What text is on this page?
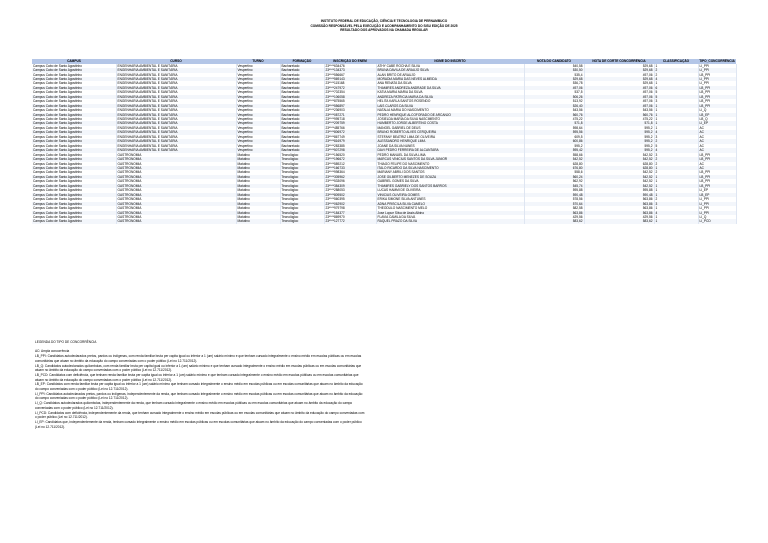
INSTITUTO FEDERAL DE EDUCAÇÃO, CIÊNCIA E TECNOLOGIA DE PERNAMBUCO
COMISSÃO RESPONSÁVEL PELA EXECUÇÃO E ACOMPANHAMENTO DO SISU EDIÇÃO DE 2025
RESULTADO DOS APROVADOS NA CHAMADA REGULAR
CAMPUS	CURSO	TURNO	FORMAÇÃO	INSCRIÇÃO DO ENEM	NOME DO INSCRITO	NOTA DO CANDIDATO	NOTA DE CORTE CONCORRÊNCIA	CLASSIFICAÇÃO	TIPO_CONCORRÊNCIA
Campus Cabo de Santo Agostinho	ENGENHARIA AMBIENTAL E SANITÁRIA	Vespertino	Bacharelado	23****634476	ATHY CABE ROCHA E SILVA	540,58	529,68	1	LI_PPI
Campus Cabo de Santo Agostinho	ENGENHARIA AMBIENTAL E SANITÁRIA	Vespertino	Bacharelado	23****134373	BRUNA DAVILA DE ARAUJO SILVA	530,50	529,68	2	LI_PPI
Campus Cabo de Santo Agostinho	ENGENHARIA AMBIENTAL E SANITÁRIA	Vespertino	Bacharelado	23****556667	ALAN BRITO DE ARAUJO	535,4	497,06	2	LB_PPI
Campus Cabo de Santo Agostinho	ENGENHARIA AMBIENTAL E SANITÁRIA	Vespertino	Bacharelado	23****569143	MORADIA MARIA DAS NEVES ALMEIDA	529,68	529,68	4	LI_PPI
Campus Cabo de Santo Agostinho	ENGENHARIA AMBIENTAL E SANITÁRIA	Vespertino	Bacharelado	23****115168	ANA RENATA DA SILVA	536,78	529,68	1	LI_PPI
Campus Cabo de Santo Agostinho	ENGENHARIA AMBIENTAL E SANITÁRIA	Vespertino	Bacharelado	23****247972	THAMIRES ANDREZA ANDRADE DA SILVA	497,06	497,06	6	LB_PPI
Campus Cabo de Santo Agostinho	ENGENHARIA AMBIENTAL E SANITÁRIA	Vespertino	Bacharelado	23****702354	KATIA MARIA MARIA DA SILVA	537,5	497,06	5	LB_PPI
Campus Cabo de Santo Agostinho	ENGENHARIA AMBIENTAL E SANITÁRIA	Vespertino	Bacharelado	23****106058	ANDREZA PATRICIA MARIA DA SILVA	506,26	497,06	5	LB_PPI
Campus Cabo de Santo Agostinho	ENGENHARIA AMBIENTAL E SANITÁRIA	Vespertino	Bacharelado	23****875565	HELITA KARLA SANTOS ROSENDO	513,92	497,06	3	LB_PPI
Campus Cabo de Santo Agostinho	ENGENHARIA AMBIENTAL E SANITÁRIA	Vespertino	Bacharelado	23****556897	LAIS CLAROS DA SILVA	526,40	497,06	1	LB_PPI
Campus Cabo de Santo Agostinho	ENGENHARIA AMBIENTAL E SANITÁRIA	Vespertino	Bacharelado	23****236903	NATALIA MARIA DO NASCIMENTO	543,56	543,56	1	LI_Q
Campus Cabo de Santo Agostinho	ENGENHARIA AMBIENTAL E SANITÁRIA	Vespertino	Bacharelado	23****087271	PEDRO HENRIQUE ALCOFORADO DE ARCANJO	560,76	560,76	1	LB_EP
Campus Cabo de Santo Agostinho	ENGENHARIA AMBIENTAL E SANITÁRIA	Vespertino	Bacharelado	23****995718	JOSIELDA MARIA DA SILVA NASCIMENTO	475,22	475,22	1	LB_Q
Campus Cabo de Santo Agostinho	ENGENHARIA AMBIENTAL E SANITÁRIA	Vespertino	Bacharelado	23****209759	HUMBERTO JORGE ALBERTINO COSTA	571,8	571,8	1	LI_EP
Campus Cabo de Santo Agostinho	ENGENHARIA AMBIENTAL E SANITÁRIA	Vespertino	Bacharelado	23****485766	MANOEL GABRIEL DE DEUS	598,64	595,2	1	AC
Campus Cabo de Santo Agostinho	ENGENHARIA AMBIENTAL E SANITÁRIA	Vespertino	Bacharelado	23****806972	BRUNO ROBERTO ALVES CERQUEIRA	595,56	595,2	4	AC
Campus Cabo de Santo Agostinho	ENGENHARIA AMBIENTAL E SANITÁRIA	Vespertino	Bacharelado	23****867749	STEFANY BEATRIZ LIMA DE OLIVEIRA	609,5	595,2	3	AC
Campus Cabo de Santo Agostinho	ENGENHARIA AMBIENTAL E SANITÁRIA	Vespertino	Bacharelado	23****816979	ALESSANDRO HENRIQUE LIMA	600,86	595,2	2	AC
Campus Cabo de Santo Agostinho	ENGENHARIA AMBIENTAL E SANITÁRIA	Vespertino	Bacharelado	23****283385	JOANE DA SILVA NUNES	595,2	595,2	5	AC
Campus Cabo de Santo Agostinho	ENGENHARIA AMBIENTAL E SANITÁRIA	Vespertino	Bacharelado	23****507298	DAVI PEDRO FERREIRA DE ALCANTARA	595,42	595,2	4	AC
Campus Cabo de Santo Agostinho	GASTRONOMIA	Matutino	Tecnológico	23****156520	PEDRO MANUEL DA SILVA LIMA	558,66	542,52	3	LB_PPI
Campus Cabo de Santo Agostinho	GASTRONOMIA	Matutino	Tecnológico	23****196672	MARCUS VINICIUS SANTOS DA SILVA JUNIOR	542,52	542,52	2	LB_PPI
Campus Cabo de Santo Agostinho	GASTRONOMIA	Matutino	Tecnológico	23****589212	THIAGO FELIPE DO NASCIMENTO	628,80	628,80	2	AC
Campus Cabo de Santo Agostinho	GASTRONOMIA	Matutino	Tecnológico	23****166733	ITALO RICARDO DA SILVA NASCIMENTO	676,80	628,80	1	AC
Campus Cabo de Santo Agostinho	GASTRONOMIA	Matutino	Tecnológico	23****998364	MARIANY ABRILI DOS SANTOS	558,6	542,52	2	LB_PPI
Campus Cabo de Santo Agostinho	GASTRONOMIA	Matutino	Tecnológico	23****305962	JOSE GILBERTO MENEZES DE SOUZA	560,24	542,52	1	LB_PPI
Campus Cabo de Santo Agostinho	GASTRONOMIA	Matutino	Tecnológico	23****533096	GABRIEL GOMES DA SILVA	562,92	542,52	1	LB_PPI
Campus Cabo de Santo Agostinho	GASTRONOMIA	Matutino	Tecnológico	23****384309	THAMIRES GABRIELY DOS SANTOS BARROS	545,74	542,52	1	LB_PPI
Campus Cabo de Santo Agostinho	GASTRONOMIA	Matutino	Tecnológico	23****288053	LUCAS HAMMI DE OLIVEIRA	595,88	595,88	1	LI_EP
Campus Cabo de Santo Agostinho	GASTRONOMIA	Matutino	Tecnológico	23****809502	VINICIUS OLIVEIRA GOMES	590,48	590,48	1	LB_EP
Campus Cabo de Santo Agostinho	GASTRONOMIA	Matutino	Tecnológico	23****560395	ERIKA SIMONE SILVA ANTUNES	578,56	563,86	2	LI_PPI
Campus Cabo de Santo Agostinho	GASTRONOMIA	Matutino	Tecnológico	23****062902	ADNA PRISCILA SILVA CAMELO	570,64	563,86	3	LI_PPI
Campus Cabo de Santo Agostinho	GASTRONOMIA	Matutino	Tecnológico	23****979798	THEODULO NASCIMENTO MELO	582,58	563,86	1	LI_PPI
Campus Cabo de Santo Agostinho	GASTRONOMIA	Matutino	Tecnológico	23****184377	Jose Lopue Silva de Assis Albino	563,86	563,86	4	LI_PPI
Campus Cabo de Santo Agostinho	GASTRONOMIA	Matutino	Tecnológico	23****869970	FLAVIA CAMILA DA SILVA	429,56	429,56	1	LI_Q
Campus Cabo de Santo Agostinho	GASTRONOMIA	Matutino	Tecnológico	23****127772	RAQUEL PRAZO DA SILVA	583,62	583,62	1	LI_PCD

LEGENDA DO TIPO DE CONCORRÊNCIA

AC: Ampla concorrência

LB_PPI: Candidatos autodeclarados pretos, pardos ou indígenas, com renda familiar bruta per capita igual ou inferior a 1 (um) salário mínimo e que tenham cursado integralmente o ensino médio em escolas públicas ou em escolas

comunitárias que atuam no âmbito da educação do campo conveniadas com o poder público (Lei no 12.711/2012).

LB_Q: Candidatos autodeclarados quilombolas, com renda familiar bruta per capita igual ou inferior a 1 (um) salário mínimo e que tenham cursado integralmente o ensino médio em escolas públicas ou em escolas comunitárias que

atuam no âmbito da educação do campo conveniadas com o poder público (Lei no 12.711/2012).

LB_PCD: Candidatos com deficiência, que tenham renda familiar bruta per capita igual ou inferior a 1 (um) salário mínimo e que tenham cursado integralmente o ensino médio em escolas públicas ou em escolas comunitárias que

atuam no âmbito da educação do campo conveniadas com o poder público (Lei no 12.711/2012).

LB_EP: Candidatos com renda familiar bruta per capita igual ou inferior a 1 (um) salário mínimo que tenham cursado integralmente o ensino médio em escolas públicas ou em escolas comunitárias que atuam no âmbito da educação

do campo conveniadas com o poder público (Lei no 12.711/2012).

LI_PPI: Candidatos autodeclarados pretos, pardos ou indígenas, independentemente da renda, que tenham cursado integralmente o ensino médio em escolas públicas ou em escolas comunitárias que atuam no âmbito da educação

do campo conveniadas com o poder público (Lei no 12.711/2012).

LI_Q: Candidatos autodeclarados quilombolas, independentemente da renda, que tenham cursado integralmente o ensino médio em escolas públicas ou em escolas comunitárias que atuam no âmbito da educação do campo

conveniadas com o poder público (Lei no 12.711/2012).

LI_PCD: Candidatos com deficiência, independentemente da renda, que tenham cursado integralmente o ensino médio em escolas públicas ou em escolas comunitárias que atuam no âmbito da educação do campo conveniadas com

o poder público (Lei no 12.711/2012).

LI_EP: Candidatos que, independentemente da renda, tenham cursado integralmente o ensino médio em escolas públicas ou em escolas comunitárias que atuam no âmbito da educação do campo conveniadas com o poder público

(Lei no 12.711/2012).
